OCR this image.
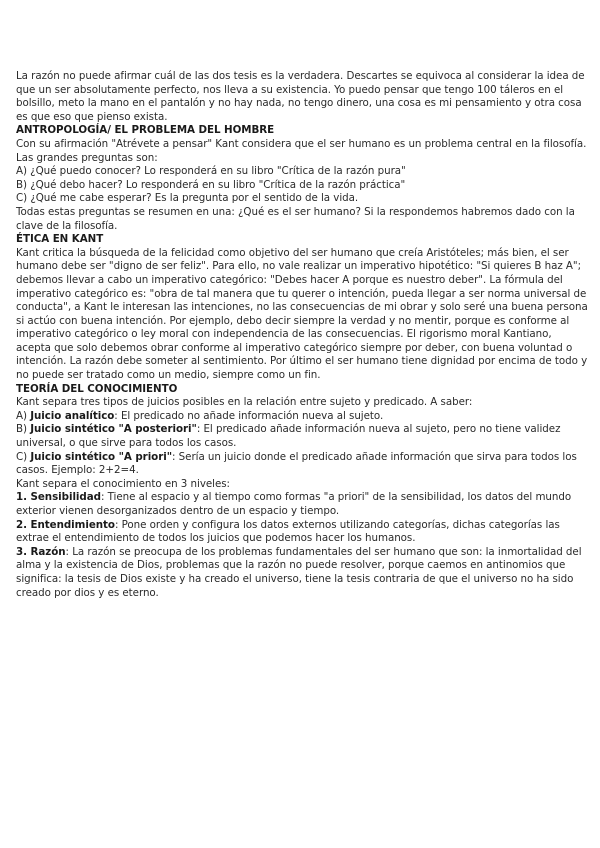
La razón no puede afirmar cuál de las dos tesis es la verdadera. Descartes se equivoca al considerar la idea de que un ser absolutamente perfecto, nos lleva a su existencia. Yo puedo pensar que tengo 100 táleros en el bolsillo, meto la mano en el pantalón y no hay nada, no tengo dinero, una cosa es mi pensamiento y otra cosa es que eso que pienso exista.

ANTROPOLOGÍA/ EL PROBLEMA DEL HOMBRE

Con su afirmación "Atrévete a pensar" Kant considera que el ser humano es un problema central en la filosofía. Las grandes preguntas son:

A) ¿Qué puedo conocer? Lo responderá en su libro "Crítica de la razón pura"

B) ¿Qué debo hacer? Lo responderá en su libro "Crítica de la razón práctica"

C) ¿Qué me cabe esperar? Es la pregunta por el sentido de la vida.

Todas estas preguntas se resumen en una: ¿Qué es el ser humano? Si la respondemos habremos dado con la clave de la filosofía.

ÉTICA EN KANT

Kant critica la búsqueda de la felicidad como objetivo del ser humano que creía Aristóteles; más bien, el ser humano debe ser "digno de ser feliz". Para ello, no vale realizar un imperativo hipotético: "Si quieres B haz A"; debemos llevar a cabo un imperativo categórico: "Debes hacer A porque es nuestro deber". La fórmula del imperativo categórico es: "obra de tal manera que tu querer o intención, pueda llegar a ser norma universal de conducta", a Kant le interesan las intenciones, no las consecuencias de mi obrar y solo seré una buena persona si actúo con buena intención. Por ejemplo, debo decir siempre la verdad y no mentir, porque es conforme al imperativo categórico o ley moral con independencia de las consecuencias. El rigorismo moral Kantiano, acepta que solo debemos obrar conforme al imperativo categórico siempre por deber, con buena voluntad o intención. La razón debe someter al sentimiento. Por último el ser humano tiene dignidad por encima de todo y no puede ser tratado como un medio, siempre como un fin.

TEORÍA DEL CONOCIMIENTO

Kant separa tres tipos de juicios posibles en la relación entre sujeto y predicado. A saber:

A) Juicio analítico: El predicado no añade información nueva al sujeto.

B) Juicio sintético "A posteriori": El predicado añade información nueva al sujeto, pero no tiene validez universal, o que sirve para todos los casos.

C) Juicio sintético "A priori": Sería un juicio donde el predicado añade información que sirva para todos los casos. Ejemplo: 2+2=4.

Kant separa el conocimiento en 3 niveles:

1. Sensibilidad: Tiene al espacio y al tiempo como formas "a priori" de la sensibilidad, los datos del mundo exterior vienen desorganizados dentro de un espacio y tiempo.

2. Entendimiento: Pone orden y configura los datos externos utilizando categorías, dichas categorías las extrae el entendimiento de todos los juicios que podemos hacer los humanos.

3. Razón: La razón se preocupa de los problemas fundamentales del ser humano que son: la inmortalidad del alma y la existencia de Dios, problemas que la razón no puede resolver, porque caemos en antinomios que significa: la tesis de Dios existe y ha creado el universo, tiene la tesis contraria de que el universo no ha sido creado por dios y es eterno.
